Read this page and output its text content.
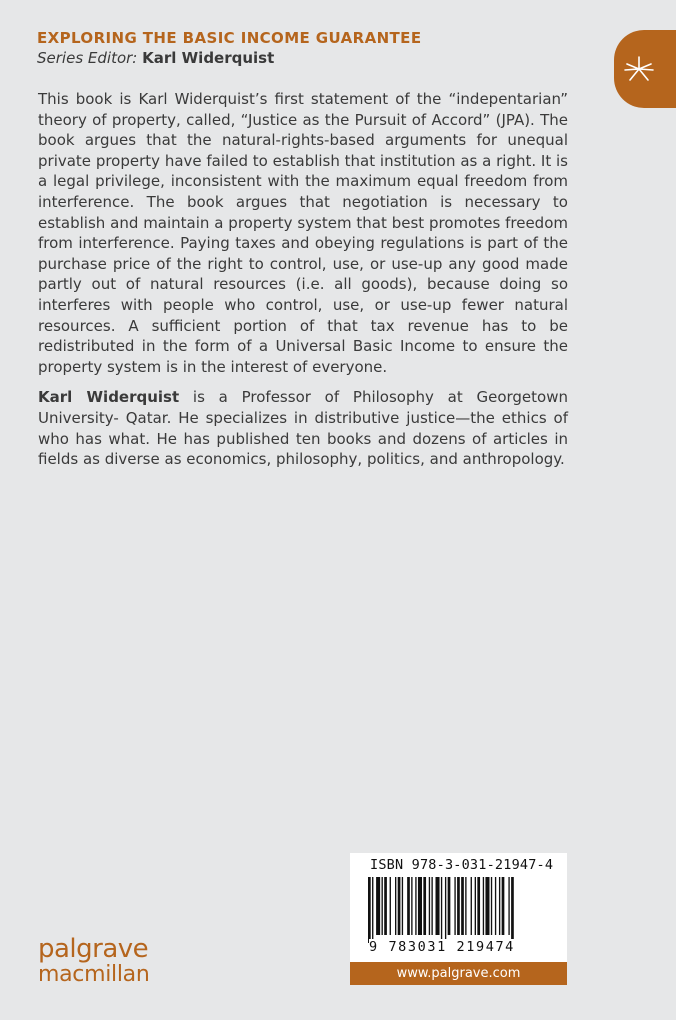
EXPLORING THE BASIC INCOME GUARANTEE
Series Editor: Karl Widerquist

This book is Karl Widerquist’s first statement of the “indepentarian” theory of property, called, “Justice as the Pursuit of Accord” (JPA). The book argues that the natural-rights-based arguments for unequal private property have failed to establish that institution as a right. It is a legal privilege, inconsistent with the maximum equal freedom from interference. The book argues that negotiation is necessary to establish and maintain a property system that best promotes freedom from interference. Paying taxes and obeying regulations is part of the purchase price of the right to control, use, or use-up any good made partly out of natural resources (i.e. all goods), because doing so interferes with people who control, use, or use-up fewer natural resources. A sufficient portion of that tax revenue has to be redistributed in the form of a Universal Basic Income to ensure the property system is in the interest of everyone.

Karl Widerquist is a Professor of Philosophy at Georgetown University- Qatar. He specializes in distributive justice—the ethics of who has what. He has published ten books and dozens of articles in fields as diverse as economics, philosophy, politics, and anthropology.

ISBN 978-3-031-21947-4
9 783031 219474
www.palgrave.com
palgrave
macmillan
